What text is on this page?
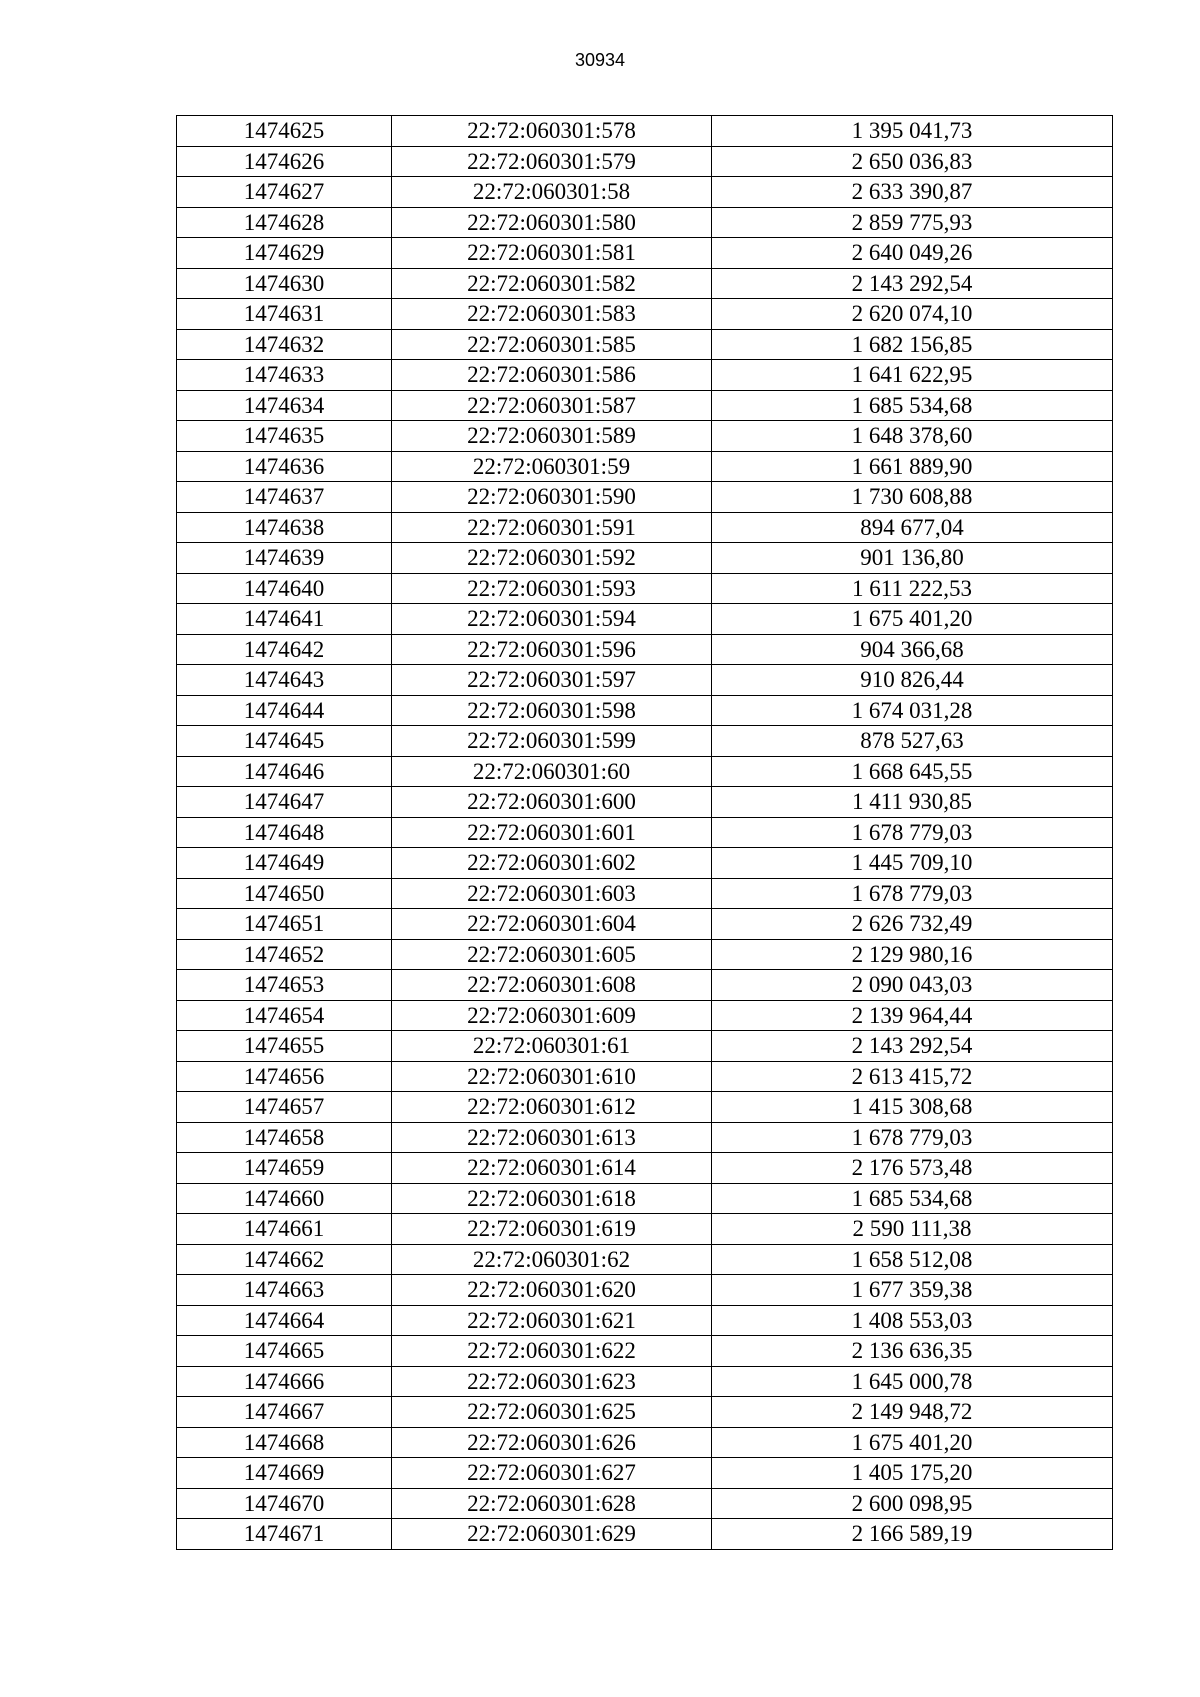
30934
1474625	22:72:060301:578	1 395 041,73
1474626	22:72:060301:579	2 650 036,83
1474627	22:72:060301:58	2 633 390,87
1474628	22:72:060301:580	2 859 775,93
1474629	22:72:060301:581	2 640 049,26
1474630	22:72:060301:582	2 143 292,54
1474631	22:72:060301:583	2 620 074,10
1474632	22:72:060301:585	1 682 156,85
1474633	22:72:060301:586	1 641 622,95
1474634	22:72:060301:587	1 685 534,68
1474635	22:72:060301:589	1 648 378,60
1474636	22:72:060301:59	1 661 889,90
1474637	22:72:060301:590	1 730 608,88
1474638	22:72:060301:591	894 677,04
1474639	22:72:060301:592	901 136,80
1474640	22:72:060301:593	1 611 222,53
1474641	22:72:060301:594	1 675 401,20
1474642	22:72:060301:596	904 366,68
1474643	22:72:060301:597	910 826,44
1474644	22:72:060301:598	1 674 031,28
1474645	22:72:060301:599	878 527,63
1474646	22:72:060301:60	1 668 645,55
1474647	22:72:060301:600	1 411 930,85
1474648	22:72:060301:601	1 678 779,03
1474649	22:72:060301:602	1 445 709,10
1474650	22:72:060301:603	1 678 779,03
1474651	22:72:060301:604	2 626 732,49
1474652	22:72:060301:605	2 129 980,16
1474653	22:72:060301:608	2 090 043,03
1474654	22:72:060301:609	2 139 964,44
1474655	22:72:060301:61	2 143 292,54
1474656	22:72:060301:610	2 613 415,72
1474657	22:72:060301:612	1 415 308,68
1474658	22:72:060301:613	1 678 779,03
1474659	22:72:060301:614	2 176 573,48
1474660	22:72:060301:618	1 685 534,68
1474661	22:72:060301:619	2 590 111,38
1474662	22:72:060301:62	1 658 512,08
1474663	22:72:060301:620	1 677 359,38
1474664	22:72:060301:621	1 408 553,03
1474665	22:72:060301:622	2 136 636,35
1474666	22:72:060301:623	1 645 000,78
1474667	22:72:060301:625	2 149 948,72
1474668	22:72:060301:626	1 675 401,20
1474669	22:72:060301:627	1 405 175,20
1474670	22:72:060301:628	2 600 098,95
1474671	22:72:060301:629	2 166 589,19
